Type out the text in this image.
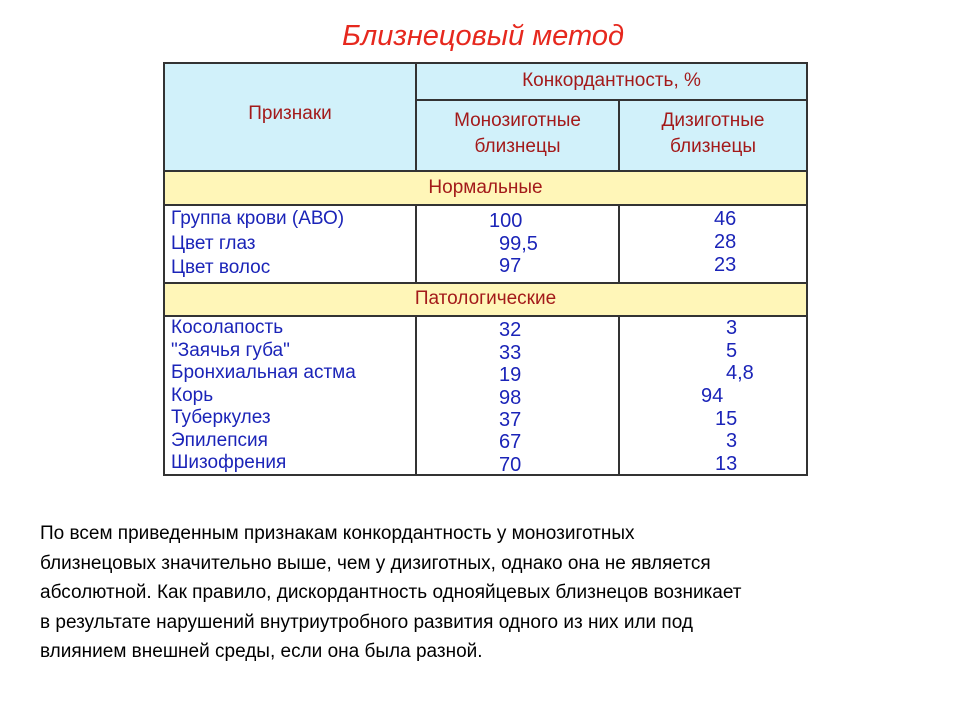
Близнецовый метод
Признаки
Конкордантность, %
Монозиготные
близнецы
Дизиготные
близнецы
Нормальные
Патологические
Группа крови (АВО)
Цвет глаз
Цвет волос
100
99,5
97
46
28
23
Косолапость
"Заячья губа"
Бронхиальная астма
Корь
Туберкулез
Эпилепсия
Шизофрения
32
33
19
98
37
67
70
3
5
4,8
94
15
3
13
По всем приведенным признакам конкордантность у монозиготных
близнецовых значительно выше, чем у дизиготных, однако она не является
абсолютной. Как правило, дискордантность однояйцевых близнецов возникает
в результате нарушений внутриутробного развития одного из них или под
влиянием внешней среды, если она была разной.
